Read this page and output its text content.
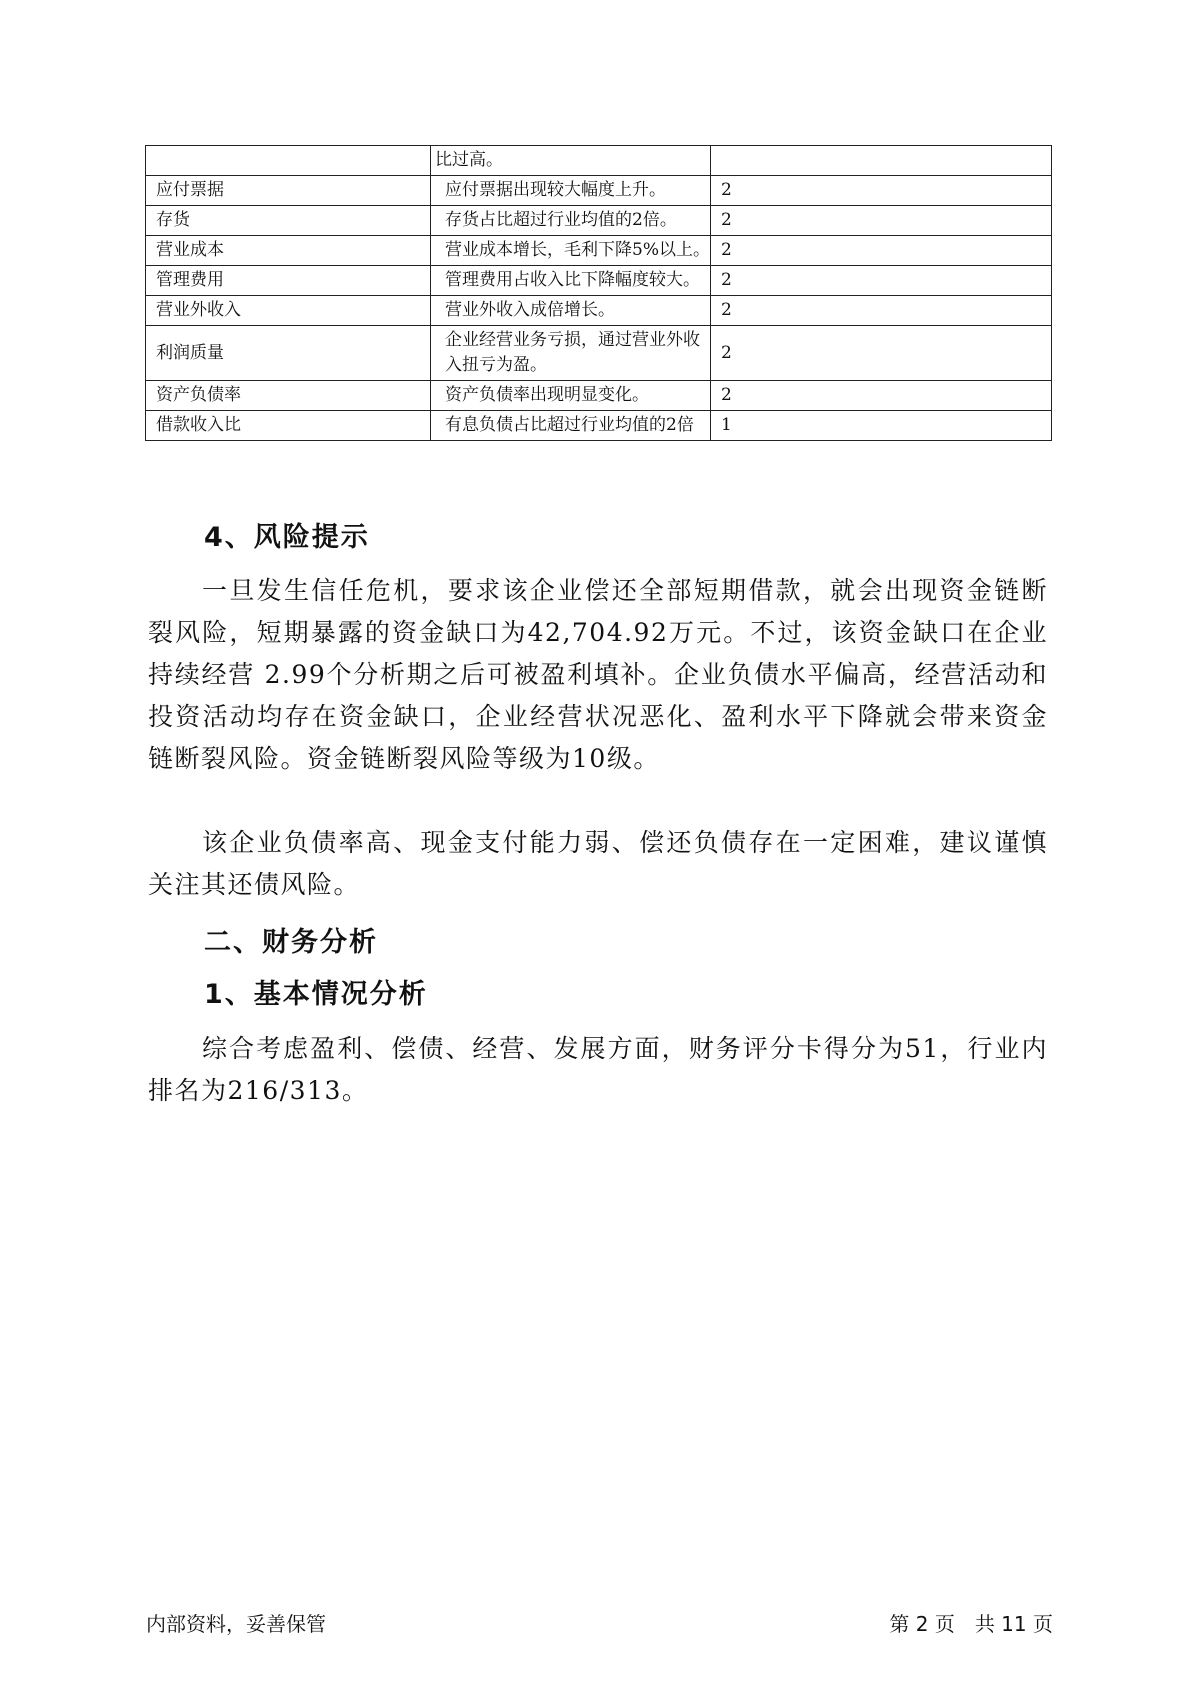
	比过高。	
应付票据	应付票据出现较大幅度上升。	2
存货	存货占比超过行业均值的2倍。	2
营业成本	营业成本增长，毛利下降5%以上。	2
管理费用	管理费用占收入比下降幅度较大。	2
营业外收入	营业外收入成倍增长。	2
利润质量	企业经营业务亏损，通过营业外收入扭亏为盈。	2
资产负债率	资产负债率出现明显变化。	2
借款收入比	有息负债占比超过行业均值的2倍	1
4、风险提示

一旦发生信任危机，要求该企业偿还全部短期借款，就会出现资金链断裂风险，短期暴露的资金缺口为42,704.92万元。不过，该资金缺口在企业持续经营 2.99个分析期之后可被盈利填补。企业负债水平偏高，经营活动和投资活动均存在资金缺口，企业经营状况恶化、盈利水平下降就会带来资金链断裂风险。资金链断裂风险等级为10级。

该企业负债率高、现金支付能力弱、偿还负债存在一定困难，建议谨慎关注其还债风险。

二、财务分析
1、基本情况分析

综合考虑盈利、偿债、经营、发展方面，财务评分卡得分为51，行业内排名为216/313。

内部资料，妥善保管	第 2 页　共 11 页
